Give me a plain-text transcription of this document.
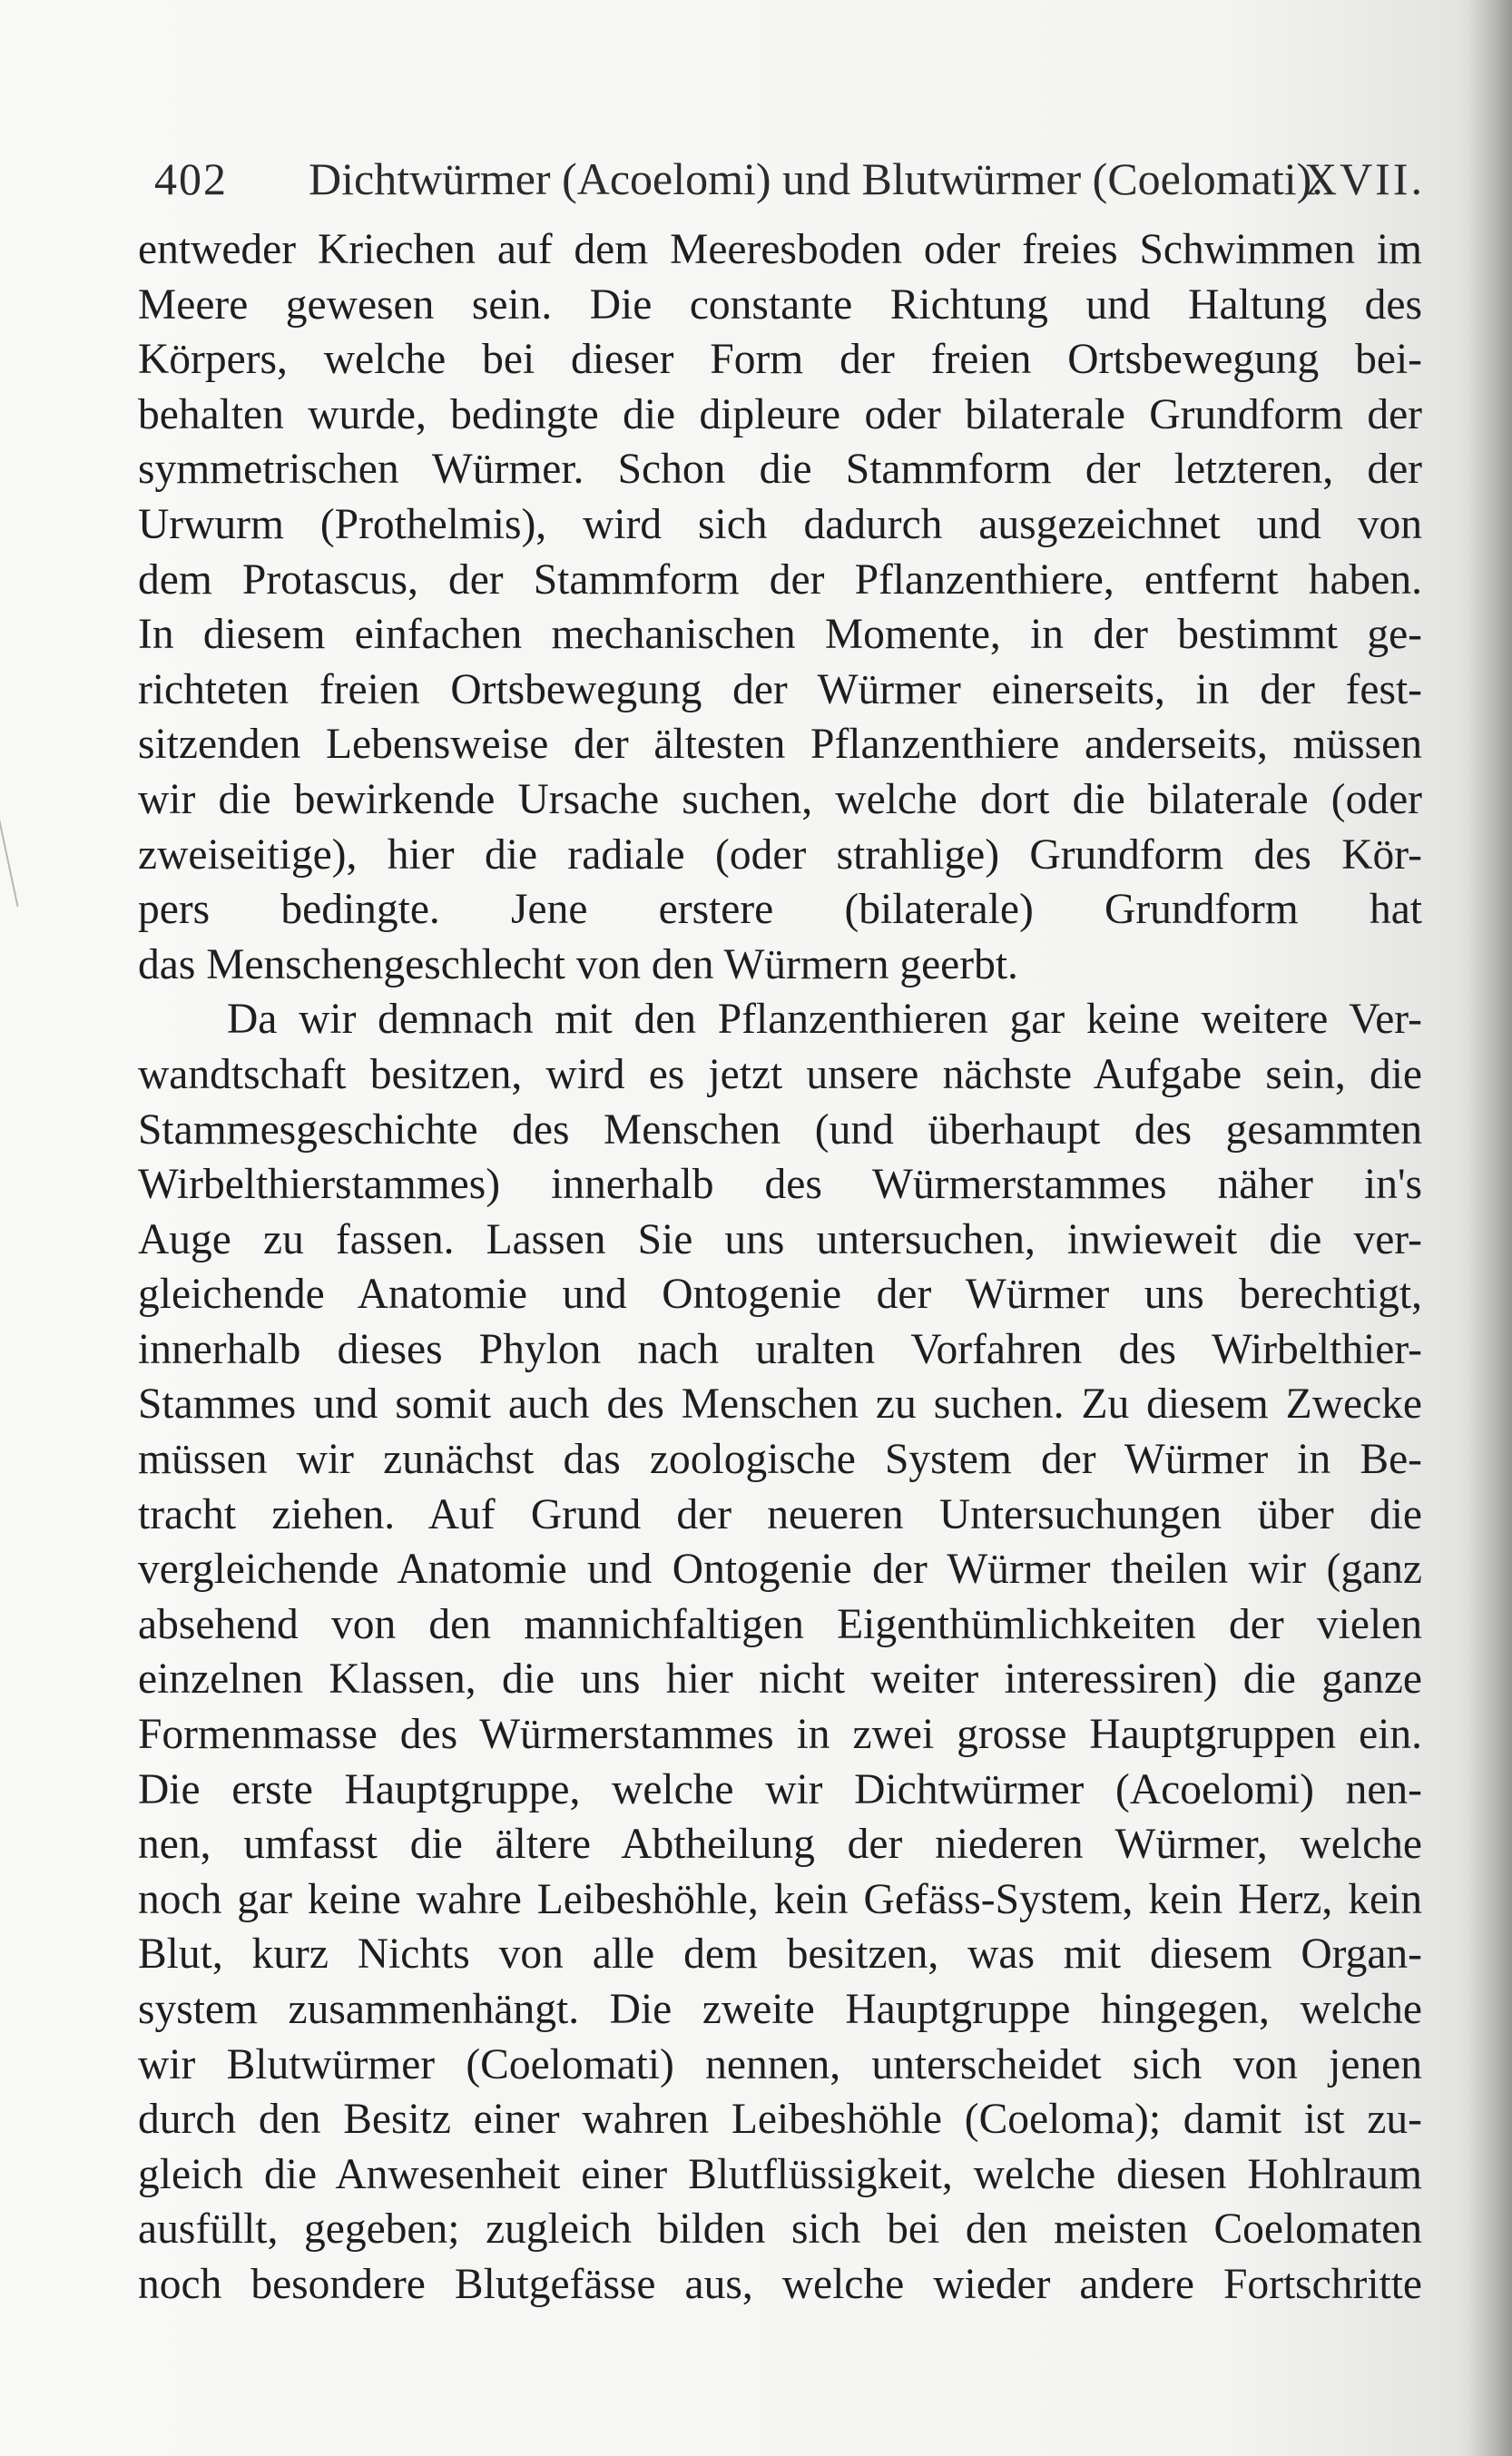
402 Dichtwürmer (Acoelomi) und Blutwürmer (Coelomati).
XVII.
entweder Kriechen auf dem Meeresboden oder freies Schwimmen im
Meere gewesen sein. Die constante Richtung und Haltung des
Körpers, welche bei dieser Form der freien Ortsbewegung bei-
behalten wurde, bedingte die dipleure oder bilaterale Grundform der
symmetrischen Würmer. Schon die Stammform der letzteren, der
Urwurm (Prothelmis), wird sich dadurch ausgezeichnet und von
dem Protascus, der Stammform der Pflanzenthiere, entfernt haben.
In diesem einfachen mechanischen Momente, in der bestimmt ge-
richteten freien Ortsbewegung der Würmer einerseits, in der fest-
sitzenden Lebensweise der ältesten Pflanzenthiere anderseits, müssen
wir die bewirkende Ursache suchen, welche dort die bilaterale (oder
zweiseitige), hier die radiale (oder strahlige) Grundform des Kör-
pers bedingte. Jene erstere (bilaterale) Grundform hat
das Menschengeschlecht von den Würmern geerbt.
Da wir demnach mit den Pflanzenthieren gar keine weitere Ver-
wandtschaft besitzen, wird es jetzt unsere nächste Aufgabe sein, die
Stammesgeschichte des Menschen (und überhaupt des gesammten
Wirbelthierstammes) innerhalb des Würmerstammes näher in's
Auge zu fassen. Lassen Sie uns untersuchen, inwieweit die ver-
gleichende Anatomie und Ontogenie der Würmer uns berechtigt,
innerhalb dieses Phylon nach uralten Vorfahren des Wirbelthier-
Stammes und somit auch des Menschen zu suchen. Zu diesem Zwecke
müssen wir zunächst das zoologische System der Würmer in Be-
tracht ziehen. Auf Grund der neueren Untersuchungen über die
vergleichende Anatomie und Ontogenie der Würmer theilen wir (ganz
absehend von den mannichfaltigen Eigenthümlichkeiten der vielen
einzelnen Klassen, die uns hier nicht weiter interessiren) die ganze
Formenmasse des Würmerstammes in zwei grosse Hauptgruppen ein.
Die erste Hauptgruppe, welche wir Dichtwürmer (Acoelomi) nen-
nen, umfasst die ältere Abtheilung der niederen Würmer, welche
noch gar keine wahre Leibeshöhle, kein Gefäss-System, kein Herz, kein
Blut, kurz Nichts von alle dem besitzen, was mit diesem Organ-
system zusammenhängt. Die zweite Hauptgruppe hingegen, welche
wir Blutwürmer (Coelomati) nennen, unterscheidet sich von jenen
durch den Besitz einer wahren Leibeshöhle (Coeloma); damit ist zu-
gleich die Anwesenheit einer Blutflüssigkeit, welche diesen Hohlraum
ausfüllt, gegeben; zugleich bilden sich bei den meisten Coelomaten
noch besondere Blutgefässe aus, welche wieder andere Fortschritte
